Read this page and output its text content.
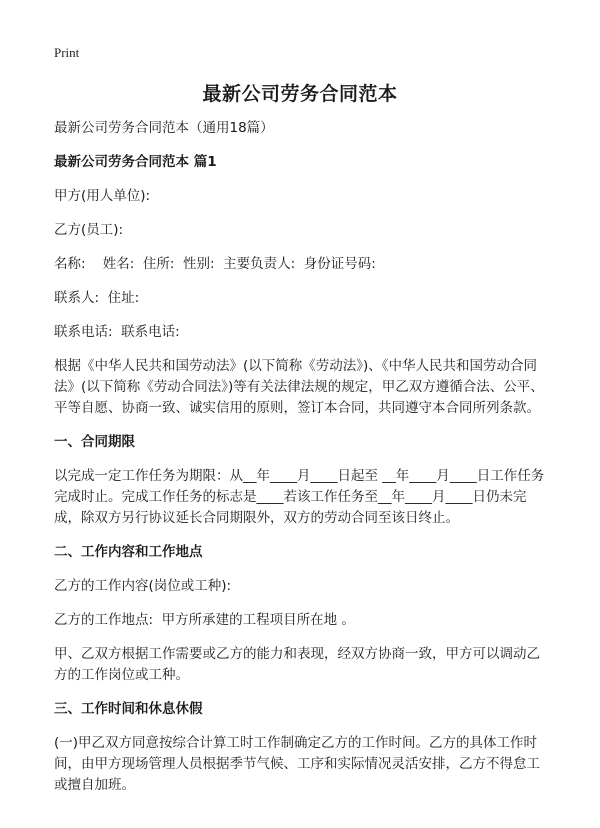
Print
最新公司劳务合同范本

最新公司劳务合同范本（通用18篇）

最新公司劳务合同范本 篇1

甲方(用人单位):

乙方(员工):

名称:    姓名:  住所:  性别:  主要负责人:  身份证号码:

联系人:  住址:

联系电话:  联系电话:

根据《中华人民共和国劳动法》(以下简称《劳动法》)、《中华人民共和国劳动合同法》(以下简称《劳动合同法》)等有关法律法规的规定，甲乙双方遵循合法、公平、平等自愿、协商一致、诚实信用的原则，签订本合同，共同遵守本合同所列条款。

一、合同期限

以完成一定工作任务为期限：从__年____月____日起至 __年____月____日工作任务完成时止。完成工作任务的标志是____若该工作任务至__年____月____日仍未完成，除双方另行协议延长合同期限外，双方的劳动合同至该日终止。

二、工作内容和工作地点

乙方的工作内容(岗位或工种):

乙方的工作地点:  甲方所承建的工程项目所在地 。

甲、乙双方根据工作需要或乙方的能力和表现，经双方协商一致，甲方可以调动乙方的工作岗位或工种。

三、工作时间和休息休假

(一)甲乙双方同意按综合计算工时工作制确定乙方的工作时间。乙方的具体工作时间，由甲方现场管理人员根据季节气候、工序和实际情况灵活安排，乙方不得怠工或擅自加班。
